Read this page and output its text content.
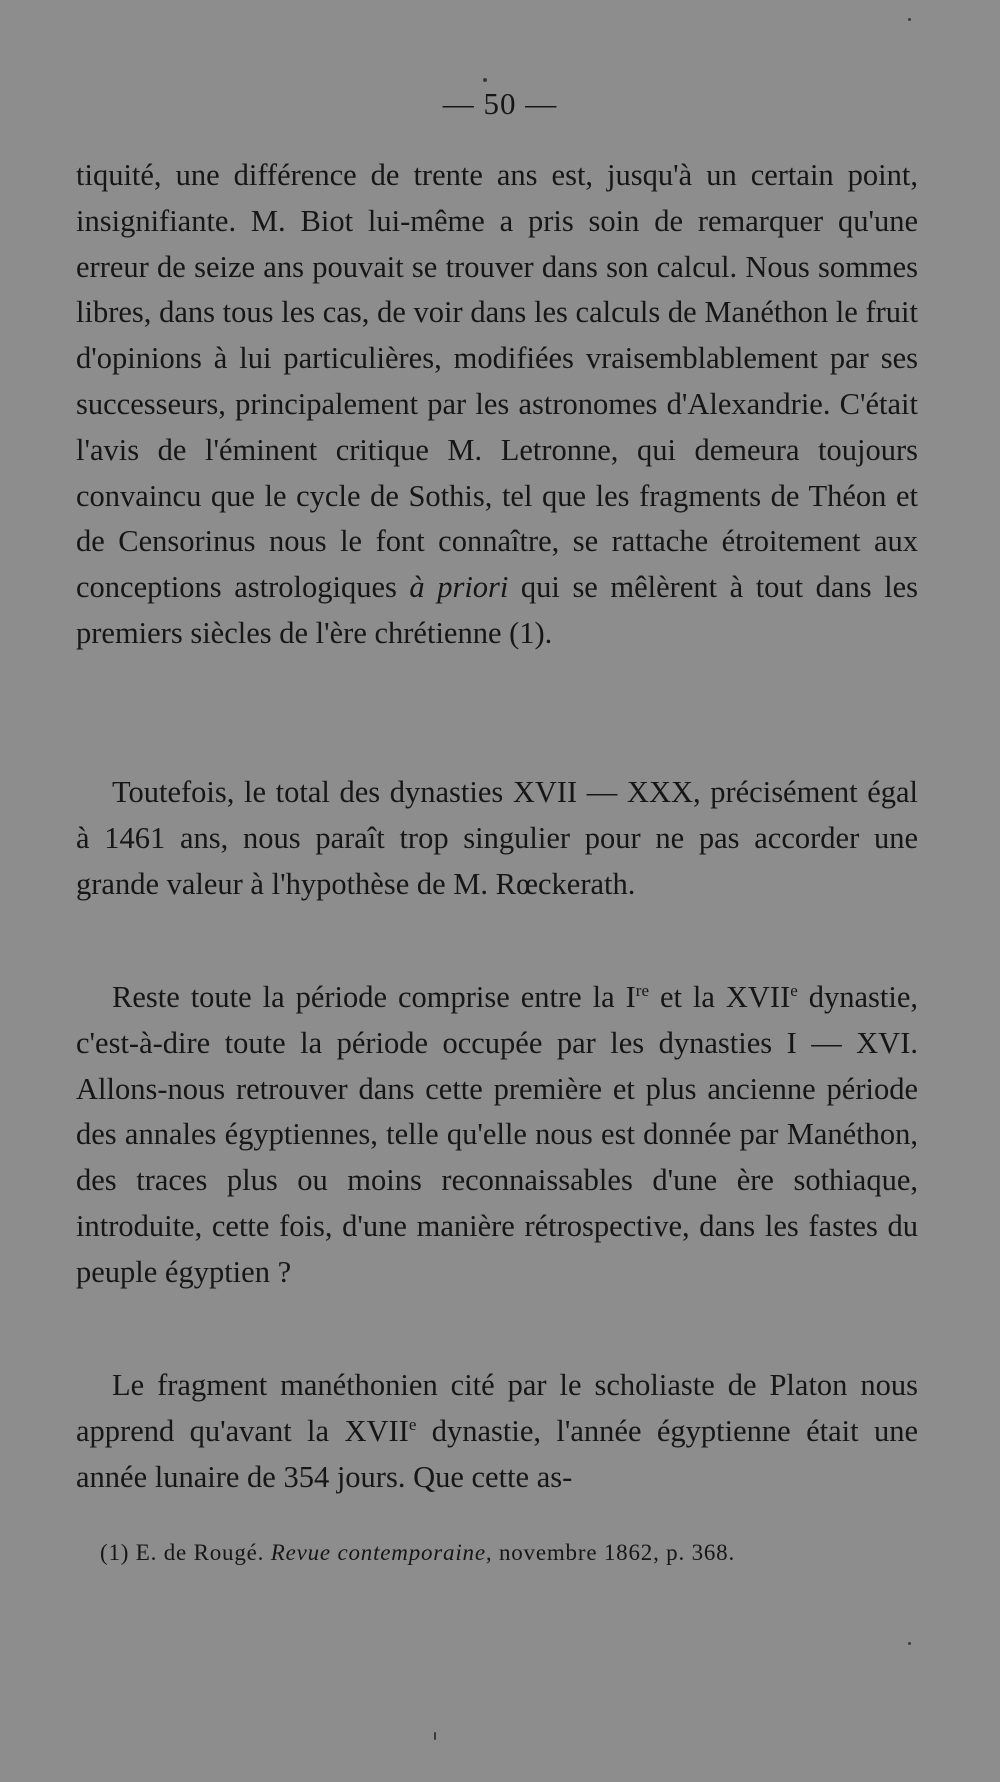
— 50 —

tiquité, une différence de trente ans est, jusqu'à un certain point, insignifiante. M. Biot lui-même a pris soin de remarquer qu'une erreur de seize ans pouvait se trouver dans son calcul. Nous sommes libres, dans tous les cas, de voir dans les calculs de Manéthon le fruit d'opinions à lui particulières, modifiées vraisemblablement par ses successeurs, principalement par les astronomes d'Alexandrie. C'était l'avis de l'éminent critique M. Letronne, qui demeura toujours convaincu que le cycle de Sothis, tel que les fragments de Théon et de Censorinus nous le font connaître, se rattache étroitement aux conceptions astrologiques à priori qui se mêlèrent à tout dans les premiers siècles de l'ère chrétienne (1).

Toutefois, le total des dynasties XVII — XXX, précisément égal à 1461 ans, nous paraît trop singulier pour ne pas accorder une grande valeur à l'hypothèse de M. Rœckerath.

Reste toute la période comprise entre la Ire et la XVIIe dynastie, c'est-à-dire toute la période occupée par les dynasties I — XVI. Allons-nous retrouver dans cette première et plus ancienne période des annales égyptiennes, telle qu'elle nous est donnée par Manéthon, des traces plus ou moins reconnaissables d'une ère sothiaque, introduite, cette fois, d'une manière rétrospective, dans les fastes du peuple égyptien ?

Le fragment manéthonien cité par le scholiaste de Platon nous apprend qu'avant la XVIIe dynastie, l'année égyptienne était une année lunaire de 354 jours. Que cette as-

(1) E. de Rougé. Revue contemporaine, novembre 1862, p. 368.
